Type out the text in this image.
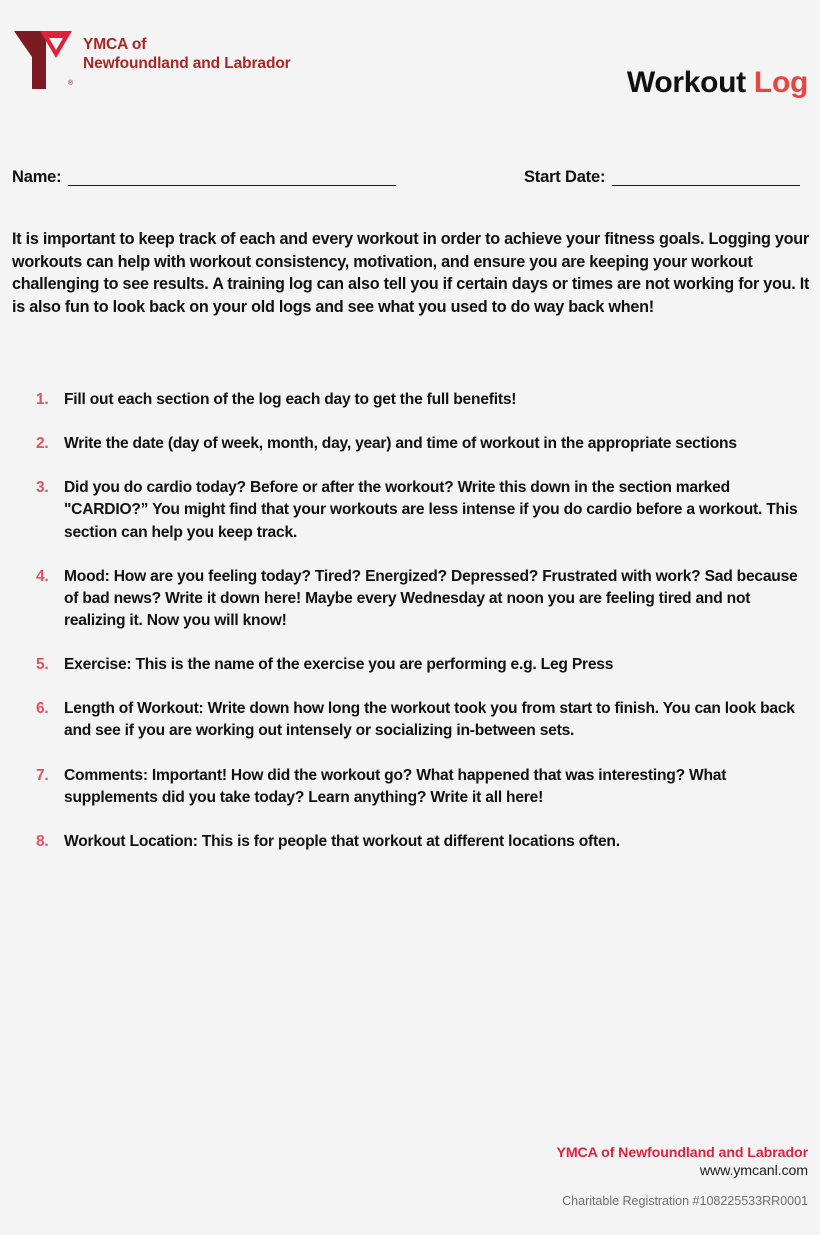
®
YMCA of
Newfoundland and Labrador
Workout Log
Name:	Start Date:

It is important to keep track of each and every workout in order to achieve your fitness goals. Logging your workouts can help with workout consistency, motivation, and ensure you are keeping your workout challenging to see results. A training log can also tell you if certain days or times are not working for you. It is also fun to look back on your old logs and see what you used to do way back when!

1. Fill out each section of the log each day to get the full benefits!
2. Write the date (day of week, month, day, year) and time of workout in the appropriate sections
3. Did you do cardio today? Before or after the workout? Write this down in the section marked "CARDIO?” You might find that your workouts are less intense if you do cardio before a workout. This section can help you keep track.
4. Mood: How are you feeling today? Tired? Energized? Depressed? Frustrated with work? Sad because of bad news? Write it down here! Maybe every Wednesday at noon you are feeling tired and not realizing it. Now you will know!
5. Exercise: This is the name of the exercise you are performing e.g. Leg Press
6. Length of Workout: Write down how long the workout took you from start to finish. You can look back and see if you are working out intensely or socializing in-between sets.
7. Comments: Important! How did the workout go? What happened that was interesting? What supplements did you take today? Learn anything? Write it all here!
8. Workout Location: This is for people that workout at different locations often.
YMCA of Newfoundland and Labrador
www.ymcanl.com
Charitable Registration #108225533RR0001
